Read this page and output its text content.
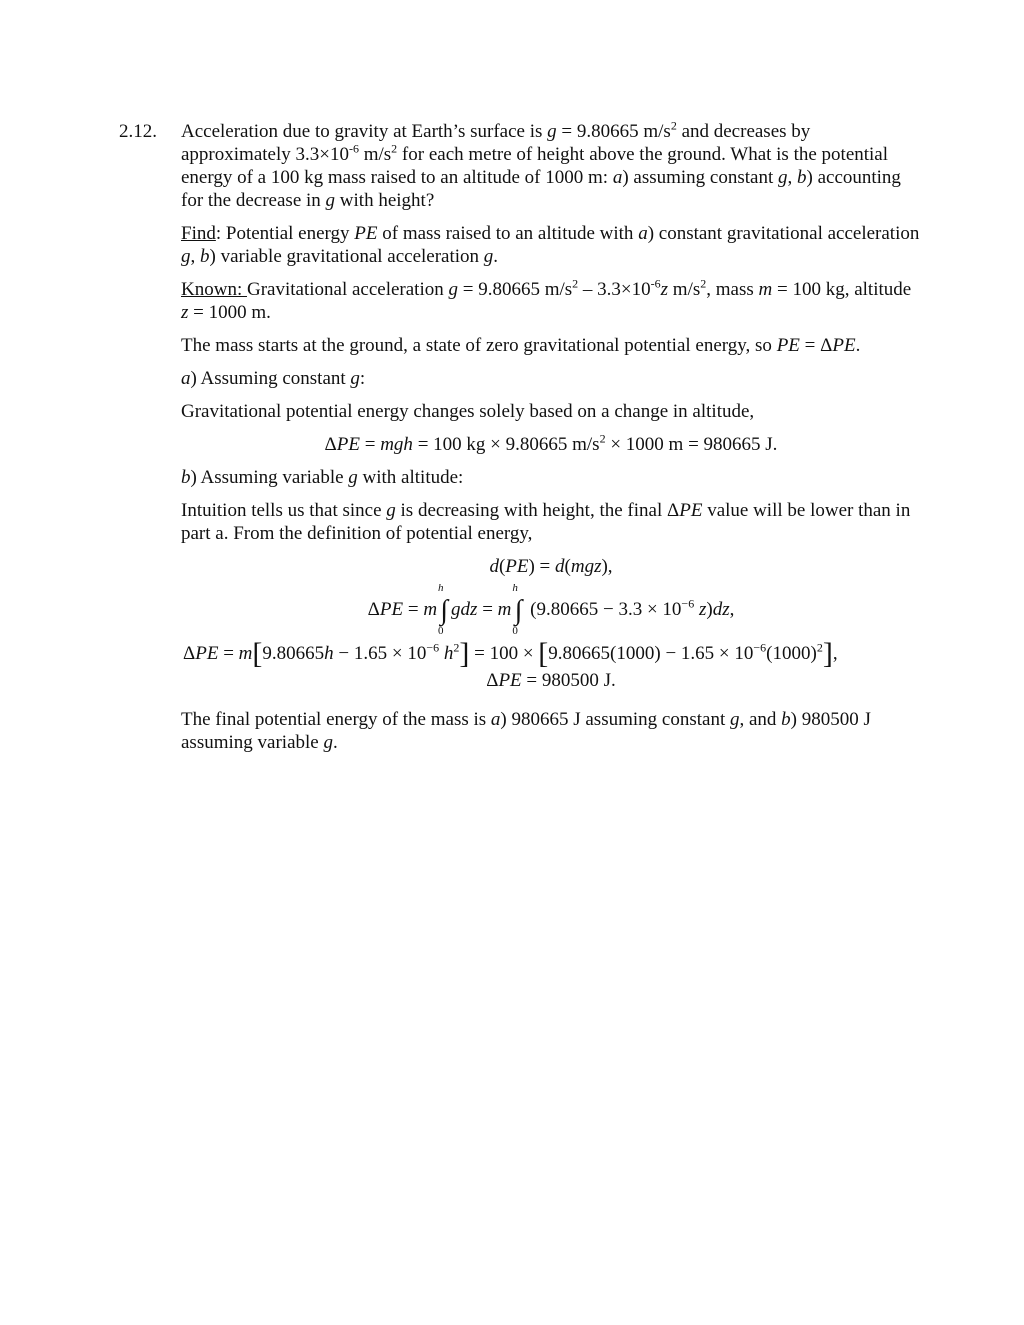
2.12. Acceleration due to gravity at Earth’s surface is g = 9.80665 $m/s^2$ and decreases by approximately $3.3\times 10^{-6}$ $m/s^2$ for each metre of height above the ground. What is the potential energy of a 100 kg mass raised to an altitude of 1000 m: a) assuming constant g, b) accounting for the decrease in g with height?

Find: Potential energy PE of mass raised to an altitude with a) constant gravitational acceleration g, b) variable gravitational acceleration g.

Known: Gravitational acceleration g = 9.80665 $m/s^2 - 3.3\times 10^{-6}z$ $m/s^2$, mass m = 100 kg, altitude z = 1000 m.

The mass starts at the ground, a state of zero gravitational potential energy, so PE = ΔPE.

a) Assuming constant g:

Gravitational potential energy changes solely based on a change in altitude,

ΔPE = mgh = 100 kg × 9.80665 $m/s^2 \times 1000$ m = 980665 J.

b) Assuming variable g with altitude:

Intuition tells us that since g is decreasing with height, the final ΔPE value will be lower than in part a. From the definition of potential energy,

d(PE) = d(mgz),
ΔPE = m ∫
h
0
gdz = m ∫
h
0
($9.80665 - 3.3 \times 10^{-6}$ z)dz,
$\Delta PE = m[9.80665h - 1.65 \times 10^{-6}$ $h^2] = 100 \times [9.80665(1000) - 1.65 \times 10^{-6}(1000)^2]$,
ΔPE = 980500 J.

The final potential energy of the mass is a) 980665 J assuming constant g, and b) 980500 J assuming variable g.
